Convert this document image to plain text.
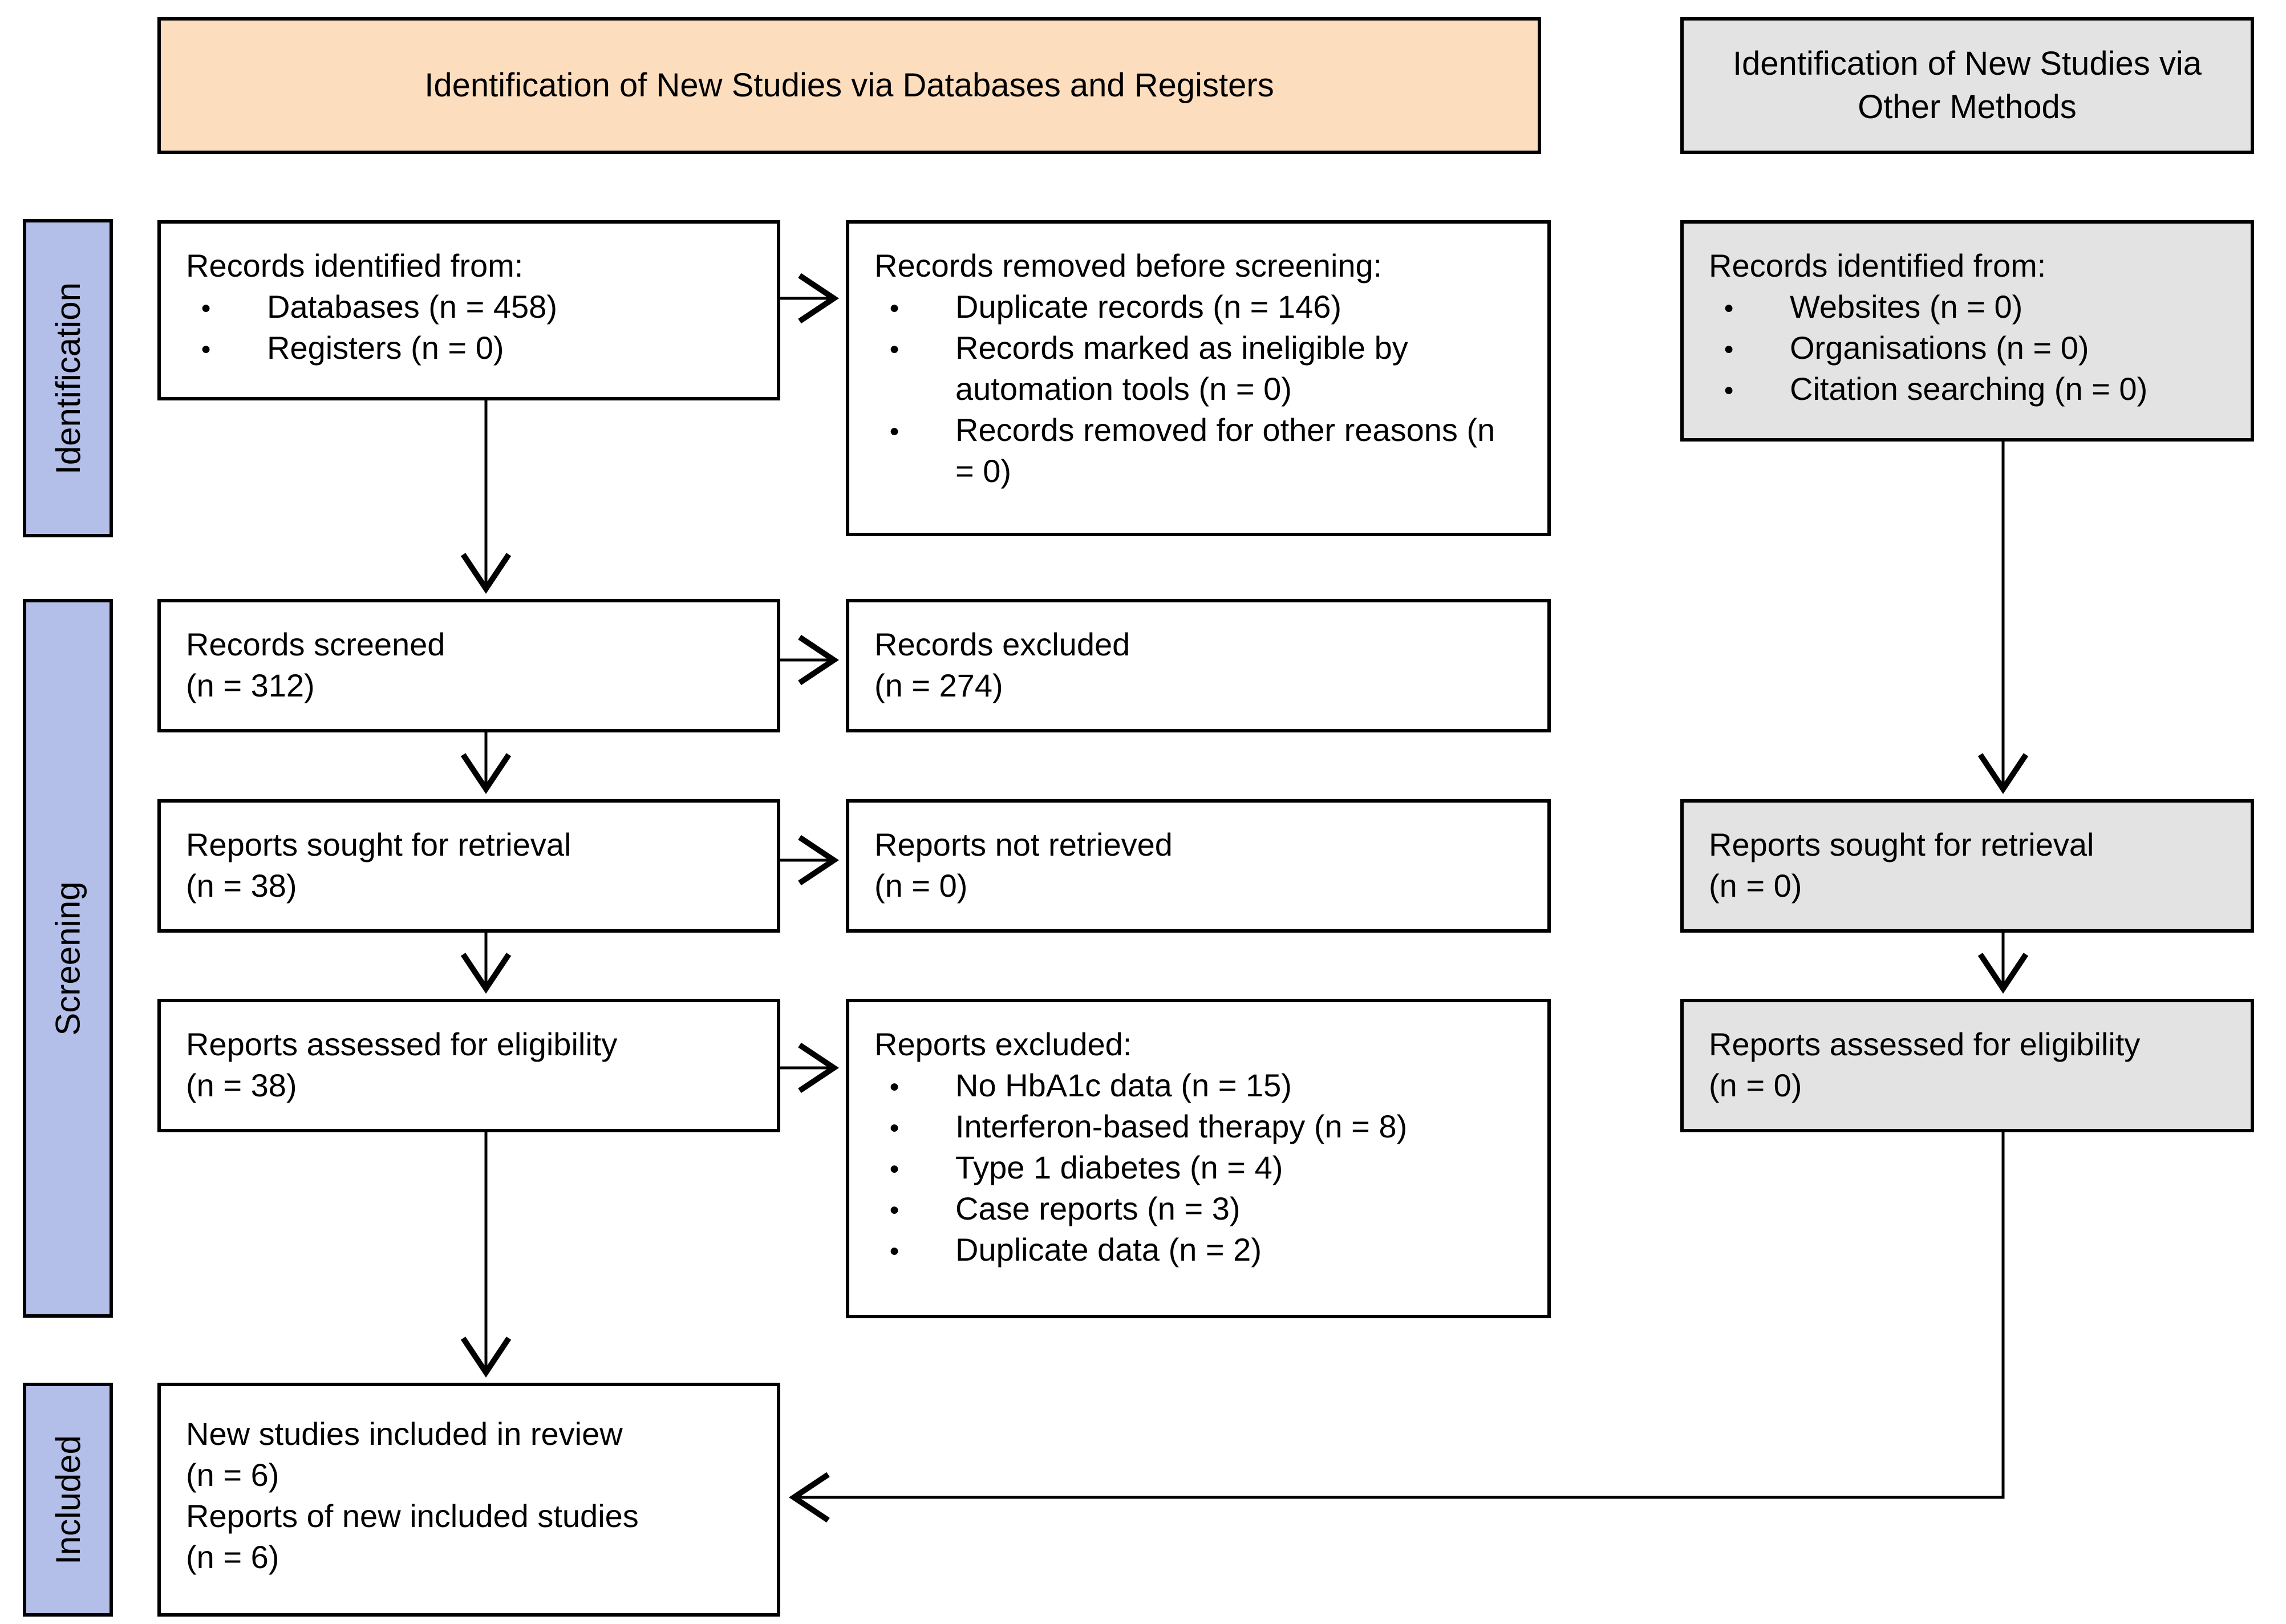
Identification of New Studies via Databases and Registers
Identification of New Studies via Other Methods
Identification
Screening
Included
Records identified from:
● Databases (n = 458)
● Registers (n = 0)
Records removed before screening:
● Duplicate records (n = 146)
● Records marked as ineligible by automation tools (n = 0)
● Records removed for other reasons (n = 0)
Records identified from:
● Websites (n = 0)
● Organisations (n = 0)
● Citation searching (n = 0)
Records screened
(n = 312)
Records excluded
(n = 274)
Reports sought for retrieval
(n = 38)
Reports not retrieved
(n = 0)
Reports sought for retrieval
(n = 0)
Reports assessed for eligibility
(n = 38)
Reports excluded:
● No HbA1c data (n = 15)
● Interferon-based therapy (n = 8)
● Type 1 diabetes (n = 4)
● Case reports (n = 3)
● Duplicate data (n = 2)
Reports assessed for eligibility
(n = 0)
New studies included in review
(n = 6)
Reports of new included studies
(n = 6)
